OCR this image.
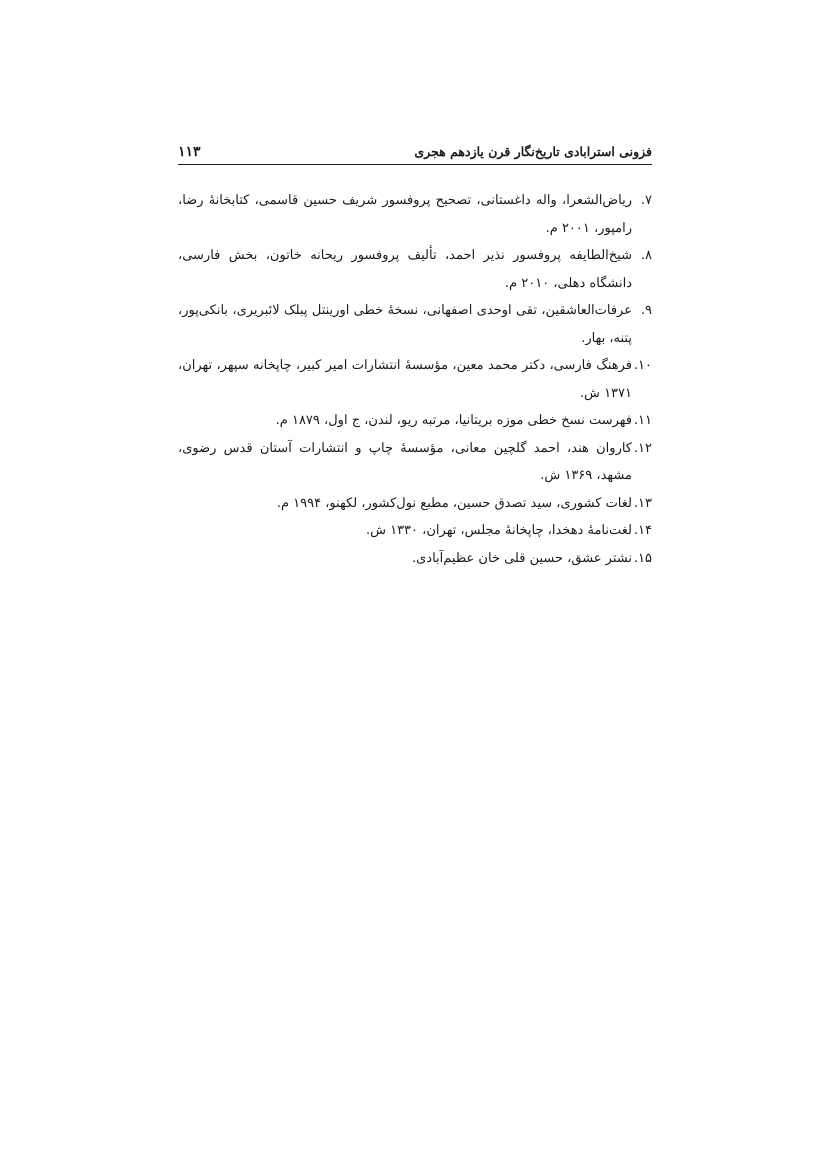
فزونی استرابادی تاریخ‌نگار قرن یازدهم هجری
۱۱۳
۷.
ریاض‌الشعرا، واله داغستانی، تصحیح پروفسور شریف حسین قاسمی، کتابخانهٔ رضا، رامپور، ۲۰۰۱ م.
۸.
شیخ‌الطایفه پروفسور نذیر احمد، تألیف پروفسور ریحانه خاتون، بخش فارسی، دانشگاه دهلی، ۲۰۱۰ م.
۹.
عرفات‌العاشقین، تقی اوحدی اصفهانی، نسخهٔ خطی اورینتل پبلک لائبریری، بانکی‌پور، پتنه، بهار.
۱۰.
فرهنگ فارسی، دکتر محمد معین، مؤسسهٔ انتشارات امیر کبیر، چاپخانه سپهر، تهران، ۱۳۷۱ ش.
۱۱.
فهرست نسخ خطی موزه بریتانیا، مرتبه ریو، لندن، ج اول، ۱۸۷۹ م.
۱۲.
کاروان هند، احمد گلچین معانی، مؤسسهٔ چاپ و انتشارات آستان قدس رضوی، مشهد، ۱۳۶۹ ش.
۱۳.
لغات کشوری، سید تصدق حسین، مطبع نول‌کشور، لکهنو، ۱۹۹۴ م.
۱۴.
لغت‌نامهٔ دهخدا، چاپخانهٔ مجلس، تهران، ۱۳۳۰ ش.
۱۵.
نشتر عشق، حسین قلی خان عظیم‌آبادی.
